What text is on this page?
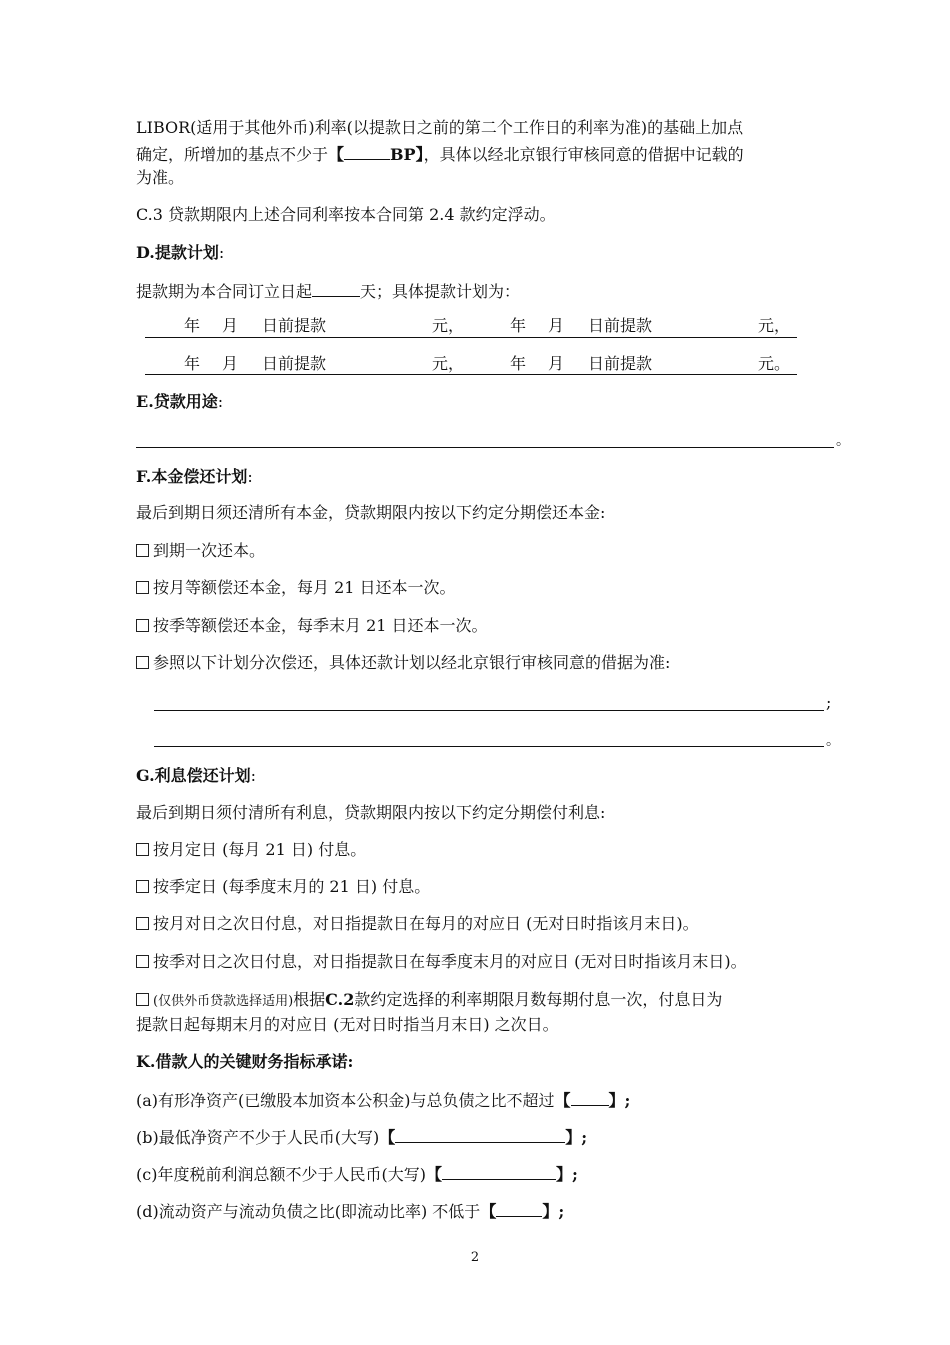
LIBOR(适用于其他外币)利率(以提款日之前的第二个工作日的利率为准)的基础上加点
确定，所增加的基点不少于【	BP】，具体以经北京银行审核同意的借据中记载的
为准。
C.3 贷款期限内上述合同利率按本合同第 2.4 款约定浮动。
D.提款计划:
提款期为本合同订立日起	天；具体提款计划为：
年 月 日前提款	元，	年 月 日前提款	元，
年 月 日前提款	元，	年 月 日前提款	元。
E.贷款用途:
。
F.本金偿还计划:
最后到期日须还清所有本金，贷款期限内按以下约定分期偿还本金:
到期一次还本。
按月等额偿还本金，每月 21 日还本一次。
按季等额偿还本金，每季末月 21 日还本一次。
参照以下计划分次偿还，具体还款计划以经北京银行审核同意的借据为准:
;
。
G.利息偿还计划:
最后到期日须付清所有利息，贷款期限内按以下约定分期偿付利息:
按月定日 (每月 21 日) 付息。
按季定日 (每季度末月的 21 日) 付息。
按月对日之次日付息，对日指提款日在每月的对应日 (无对日时指该月末日)。
按季对日之次日付息，对日指提款日在每季度末月的对应日 (无对日时指该月末日)。
(仅供外币贷款选择适用)根据C.2款约定选择的利率期限月数每期付息一次，付息日为
提款日起每期末月的对应日 (无对日时指当月末日) 之次日。
K.借款人的关键财务指标承诺:
(a)有形净资产(已缴股本加资本公积金)与总负债之比不超过【 】;
(b)最低净资产不少于人民币(大写)【	】;
(c)年度税前利润总额不少于人民币(大写)【	】;
(d)流动资产与流动负债之比(即流动比率) 不低于【	】;
2
